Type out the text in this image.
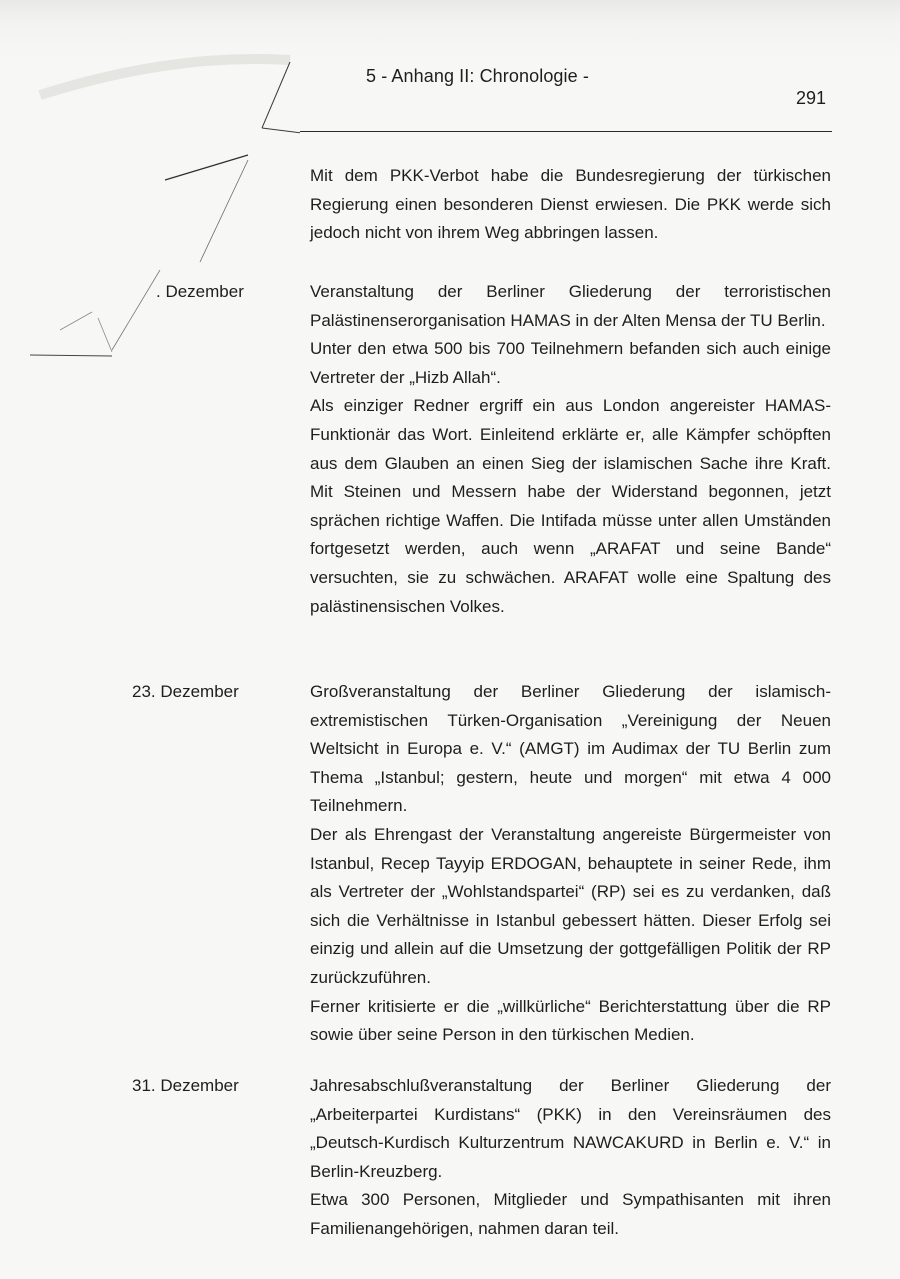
5 - Anhang II: Chronologie -
291

Mit dem PKK-Verbot habe die Bundesregierung der türkischen Regierung einen besonderen Dienst erwiesen. Die PKK werde sich jedoch nicht von ihrem Weg abbringen lassen.

. Dezember	Veranstaltung der Berliner Gliederung der terroristischen Palästinenserorganisation HAMAS in der Alten Mensa der TU Berlin.

Unter den etwa 500 bis 700 Teilnehmern befanden sich auch einige Vertreter der „Hizb Allah“.

Als einziger Redner ergriff ein aus London angereister HAMAS-Funktionär das Wort. Einleitend erklärte er, alle Kämpfer schöpften aus dem Glauben an einen Sieg der islamischen Sache ihre Kraft. Mit Steinen und Messern habe der Widerstand begonnen, jetzt sprächen richtige Waffen. Die Intifada müsse unter allen Umständen fortgesetzt werden, auch wenn „ARAFAT und seine Bande“ versuchten, sie zu schwächen. ARAFAT wolle eine Spaltung des palästinensischen Volkes.

23. Dezember	Großveranstaltung der Berliner Gliederung der islamisch-extremistischen Türken-Organisation „Vereinigung der Neuen Weltsicht in Europa e. V.“ (AMGT) im Audimax der TU Berlin zum Thema „Istanbul; gestern, heute und morgen“ mit etwa 4 000 Teilnehmern.

Der als Ehrengast der Veranstaltung angereiste Bürgermeister von Istanbul, Recep Tayyip ERDOGAN, behauptete in seiner Rede, ihm als Vertreter der „Wohlstandspartei“ (RP) sei es zu verdanken, daß sich die Verhältnisse in Istanbul gebessert hätten. Dieser Erfolg sei einzig und allein auf die Umsetzung der gottgefälligen Politik der RP zurückzuführen.

Ferner kritisierte er die „willkürliche“ Berichterstattung über die RP sowie über seine Person in den türkischen Medien.

31. Dezember	Jahresabschlußveranstaltung der Berliner Gliederung der „Arbeiterpartei Kurdistans“ (PKK) in den Vereinsräumen des „Deutsch-Kurdisch Kulturzentrum NAWCAKURD in Berlin e. V.“ in Berlin-Kreuzberg.

Etwa 300 Personen, Mitglieder und Sympathisanten mit ihren Familienangehörigen, nahmen daran teil.
